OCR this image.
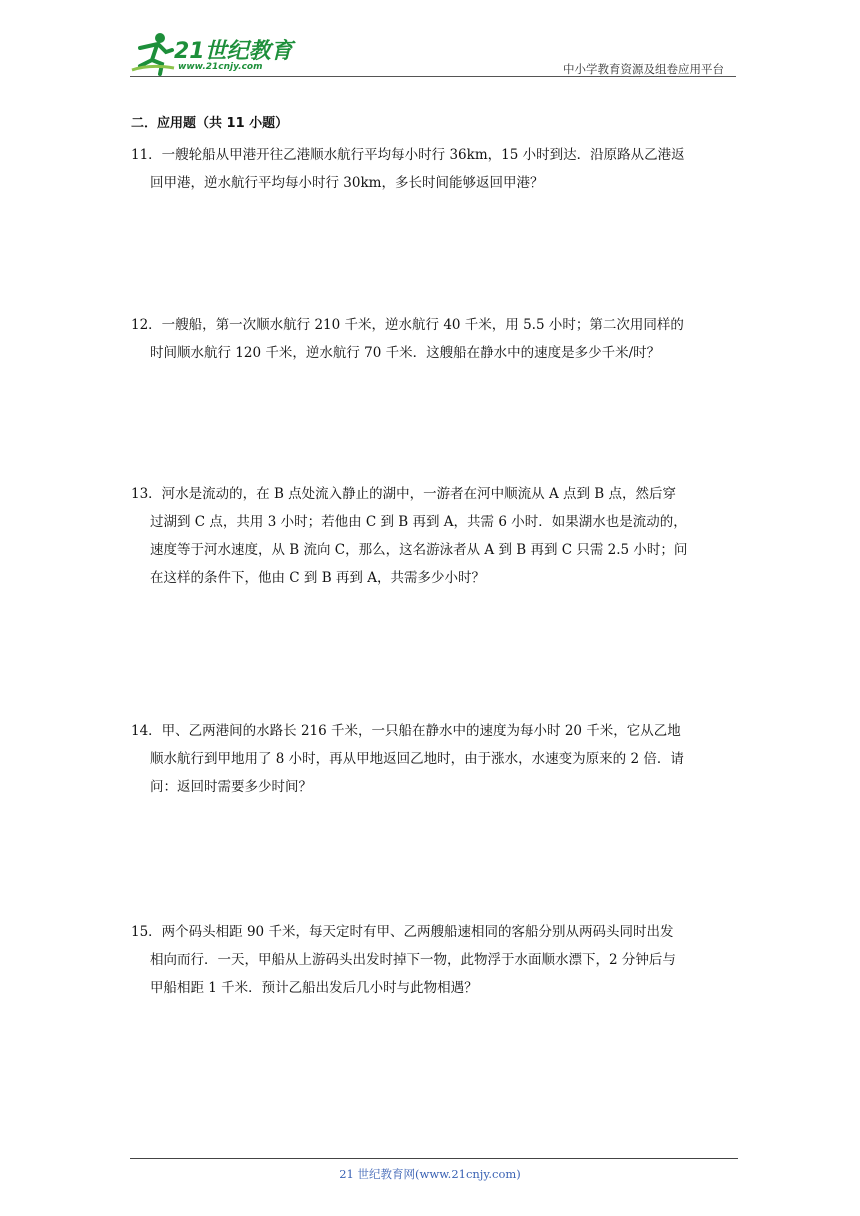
21世纪教育
www.21cnjy.com	中小学教育资源及组卷应用平台
二．应用题（共 11 小题）
11．一艘轮船从甲港开往乙港顺水航行平均每小时行 36km，15 小时到达．沿原路从乙港返
回甲港，逆水航行平均每小时行 30km，多长时间能够返回甲港？
12．一艘船，第一次顺水航行 210 千米，逆水航行 40 千米，用 5.5 小时；第二次用同样的
时间顺水航行 120 千米，逆水航行 70 千米．这艘船在静水中的速度是多少千米/时？
13．河水是流动的，在 B 点处流入静止的湖中，一游者在河中顺流从 A 点到 B 点，然后穿
过湖到 C 点，共用 3 小时；若他由 C 到 B 再到 A，共需 6 小时．如果湖水也是流动的，
速度等于河水速度，从 B 流向 C，那么，这名游泳者从 A 到 B 再到 C 只需 2.5 小时；问
在这样的条件下，他由 C 到 B 再到 A，共需多少小时？
14．甲、乙两港间的水路长 216 千米，一只船在静水中的速度为每小时 20 千米，它从乙地
顺水航行到甲地用了 8 小时，再从甲地返回乙地时，由于涨水，水速变为原来的 2 倍．请
问：返回时需要多少时间？
15．两个码头相距 90 千米，每天定时有甲、乙两艘船速相同的客船分别从两码头同时出发
相向而行．一天，甲船从上游码头出发时掉下一物，此物浮于水面顺水漂下，2 分钟后与
甲船相距 1 千米．预计乙船出发后几小时与此物相遇？
21 世纪教育网(www.21cnjy.com)
